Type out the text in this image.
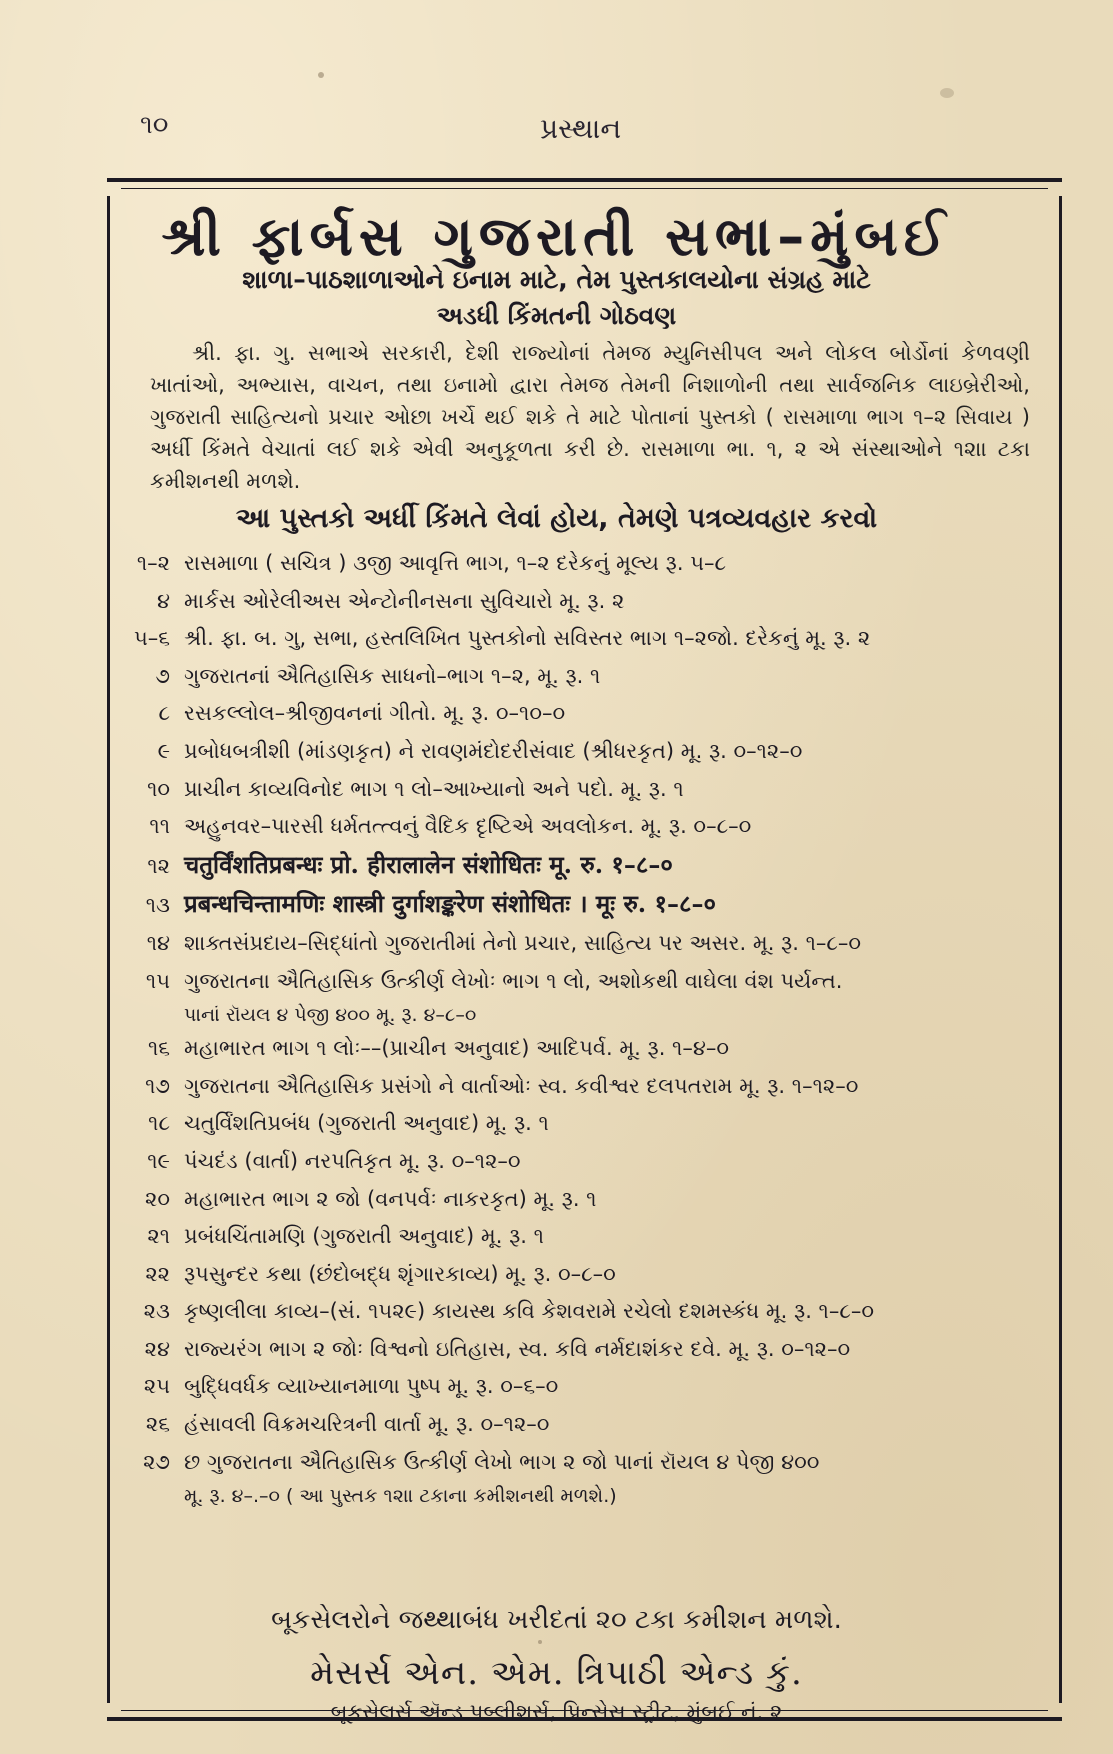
૧૦	પ્રસ્થાન
શ્રી ફાર્બસ ગુજરાતી સભા–મુંબઈ
શાળા–પાઠશાળાઓને ઇનામ માટે, તેમ પુસ્તકાલયોના સંગ્રહ માટે
અડધી કિંમતની ગોઠવણ
શ્રી. ફા. ગુ. સભાએ સરકારી, દેશી રાજ્યોનાં તેમજ મ્યુનિસીપલ અને લોકલ બોર્ડોનાં કેળવણી ખાતાંઓ, અભ્યાસ, વાચન, તથા ઇનામો દ્વારા તેમજ તેમની નિશાળોની તથા સાર્વજનિક લાઇબ્રેરીઓ, ગુજરાતી સાહિત્યનો પ્રચાર ઓછા ખર્ચે થઈ શકે તે માટે પોતાનાં પુસ્તકો ( રાસમાળા ભાગ ૧–૨ સિવાય ) અર્ધી કિંમતે વેચાતાં લઈ શકે એવી અનુકૂળતા કરી છે. રાસમાળા ભા. ૧, ૨ એ સંસ્થાઓને ૧૨ાા ટકા કમીશનથી મળશે.
આ પુસ્તકો અર્ધી કિંમતે લેવાં હોય, તેમણે પત્રવ્યવહાર કરવો
૧–૨ રાસમાળા ( સચિત્ર ) ૩જી આવૃત્તિ ભાગ, ૧–૨ દરેકનું મૂલ્ય રૂ. ૫–૮
૪ માર્કસ ઓરેલીઅસ એન્ટોનીનસના સુવિચારો મૂ. રૂ. ૨
૫–૬ શ્રી. ફા. બ. ગુ, સભા, હસ્તલિખિત પુસ્તકોનો સવિસ્તર ભાગ ૧–૨જો. દરેકનું મૂ. રૂ. ૨
૭ ગુજરાતનાં ઐતિહાસિક સાધનો–ભાગ ૧–૨, મૂ. રૂ. ૧
૮ રસકલ્લોલ–શ્રીજીવનનાં ગીતો. મૂ. રૂ. ૦–૧૦–૦
૯ પ્રબોધબત્રીશી (માંડણકૃત) ને રાવણમંદોદરીસંવાદ (શ્રીધરકૃત) મૂ. રૂ. ૦–૧૨–૦
૧૦ પ્રાચીન કાવ્યવિનોદ ભાગ ૧ લો–આખ્યાનો અને પદો. મૂ. રૂ. ૧
૧૧ અહુનવર–પારસી ધર્મતત્ત્વનું વૈદિક દૃષ્ટિએ અવલોકન. મૂ. રૂ. ૦–૮–૦
૧૨ चतुर्विंशतिप्रबन्धः प्रो. हीरालालेन संशोधितः मू. रु. १–८–०
૧૩ प्रबन्धचिन्तामणिः शास्त्री दुर्गाशङ्करेण संशोधितः । मूः रु. १–८–०
૧૪ શાક્તસંપ્રદાય–સિદ્ધાંતો ગુજરાતીમાં તેનો પ્રચાર, સાહિત્ય પર અસર. મૂ. રૂ. ૧–૮–૦
૧૫ ગુજરાતના ઐતિહાસિક ઉત્કીર્ણ લેખોઃ ભાગ ૧ લો, અશોકથી વાઘેલા વંશ પર્યન્ત.
પાનાં રૉયલ ૪ પેજી ૪૦૦ મૂ. રૂ. ૪–૮–૦
૧૬ મહાભારત ભાગ ૧ લોઃ––(પ્રાચીન અનુવાદ) આદિપર્વ. મૂ. રૂ. ૧–૪–૦
૧૭ ગુજરાતના ઐતિહાસિક પ્રસંગો ને વાર્તાઓઃ સ્વ. કવીશ્વર દલપતરામ મૂ. રૂ. ૧–૧૨–૦
૧૮ ચતુર્વિંશતિપ્રબંધ (ગુજરાતી અનુવાદ) મૂ. રૂ. ૧
૧૯ પંચદંડ (વાર્તા) નરપતિકૃત મૂ. રૂ. ૦–૧૨–૦
૨૦ મહાભારત ભાગ ૨ જો (વનપર્વઃ નાકરકૃત) મૂ. રૂ. ૧
૨૧ પ્રબંધચિંતામણિ (ગુજરાતી અનુવાદ) મૂ. રૂ. ૧
૨૨ રૂપસુન્દર કથા (છંદોબદ્ધ શૃંગારકાવ્ય) મૂ. રૂ. ૦–૮–૦
૨૩ કૃષ્ણલીલા કાવ્ય–(સં. ૧૫૨૯) કાયસ્થ કવિ કેશવરામે રચેલો દશમસ્કંધ મૂ. રૂ. ૧–૮–૦
૨૪ રાજ્યરંગ ભાગ ૨ જોઃ વિશ્વનો ઇતિહાસ, સ્વ. કવિ નર્મદાશંકર દવે. મૂ. રૂ. ૦–૧૨–૦
૨૫ બુદ્ધિવર્ધક વ્યાખ્યાનમાળા પુષ્પ મૂ. રૂ. ૦–૬–૦
૨૬ હંસાવલી વિક્રમચરિત્રની વાર્તા મૂ. રૂ. ૦–૧૨–૦
૨૭ છ ગુજરાતના ઐતિહાસિક ઉત્કીર્ણ લેખો ભાગ ૨ જો પાનાં રૉયલ ૪ પેજી ૪૦૦
મૂ. રૂ. ૪–.–૦ ( આ પુસ્તક ૧૨ાા ટકાના કમીશનથી મળશે.)
બૂકસેલરોને જથ્થાબંધ ખરીદતાં ૨૦ ટકા કમીશન મળશે.
મેસર્સ એન. એમ. ત્રિપાઠી એન્ડ કું.
બૂકસેલર્સ ઍન્ડ પબ્લીશર્સ, પ્રિન્સેસ સ્ટ્રીટ, મુંબઈ નં. ૨
